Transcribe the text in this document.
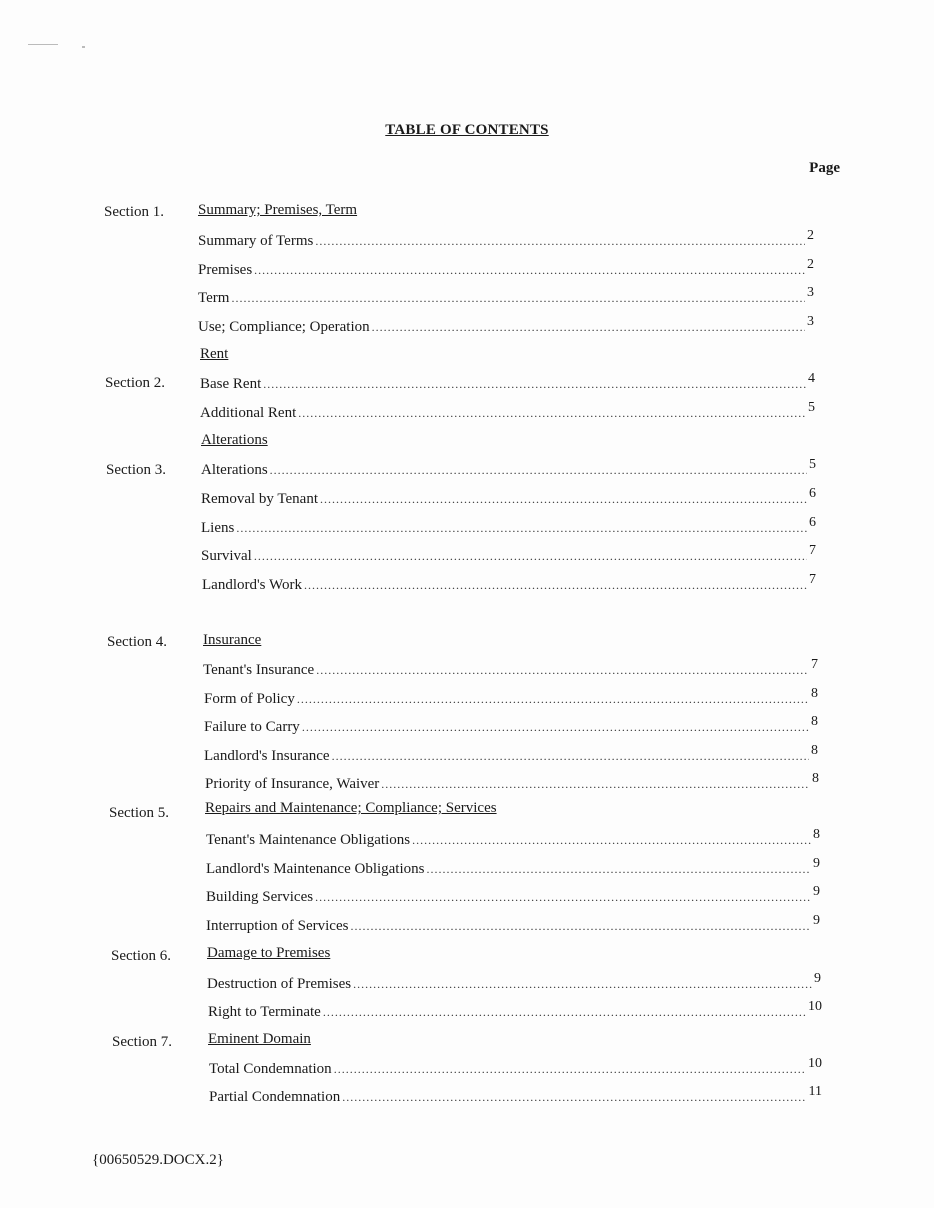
TABLE OF CONTENTS
Page
Section 1. Summary; Premises, Term
Summary of Terms .....	2
Premises .....	2
Term .....	3
Use; Compliance; Operation .....	3
Rent
Section 2. Base Rent .....	4
Additional Rent .....	5
Alterations
Section 3. Alterations .....	5
Removal by Tenant .....	6
Liens .....	6
Survival .....	7
Landlord's Work .....	7
Section 4. Insurance
Tenant's Insurance .....	7
Form of Policy .....	8
Failure to Carry .....	8
Landlord's Insurance .....	8
Priority of Insurance, Waiver .....	8
Section 5. Repairs and Maintenance; Compliance; Services
Tenant's Maintenance Obligations .....	8
Landlord's Maintenance Obligations .....	9
Building Services .....	9
Interruption of Services .....	9
Section 6. Damage to Premises
Destruction of Premises .....	9
Right to Terminate .....	10
Section 7. Eminent Domain
Total Condemnation .....	10
Partial Condemnation .....	11
{00650529.DOCX.2}
